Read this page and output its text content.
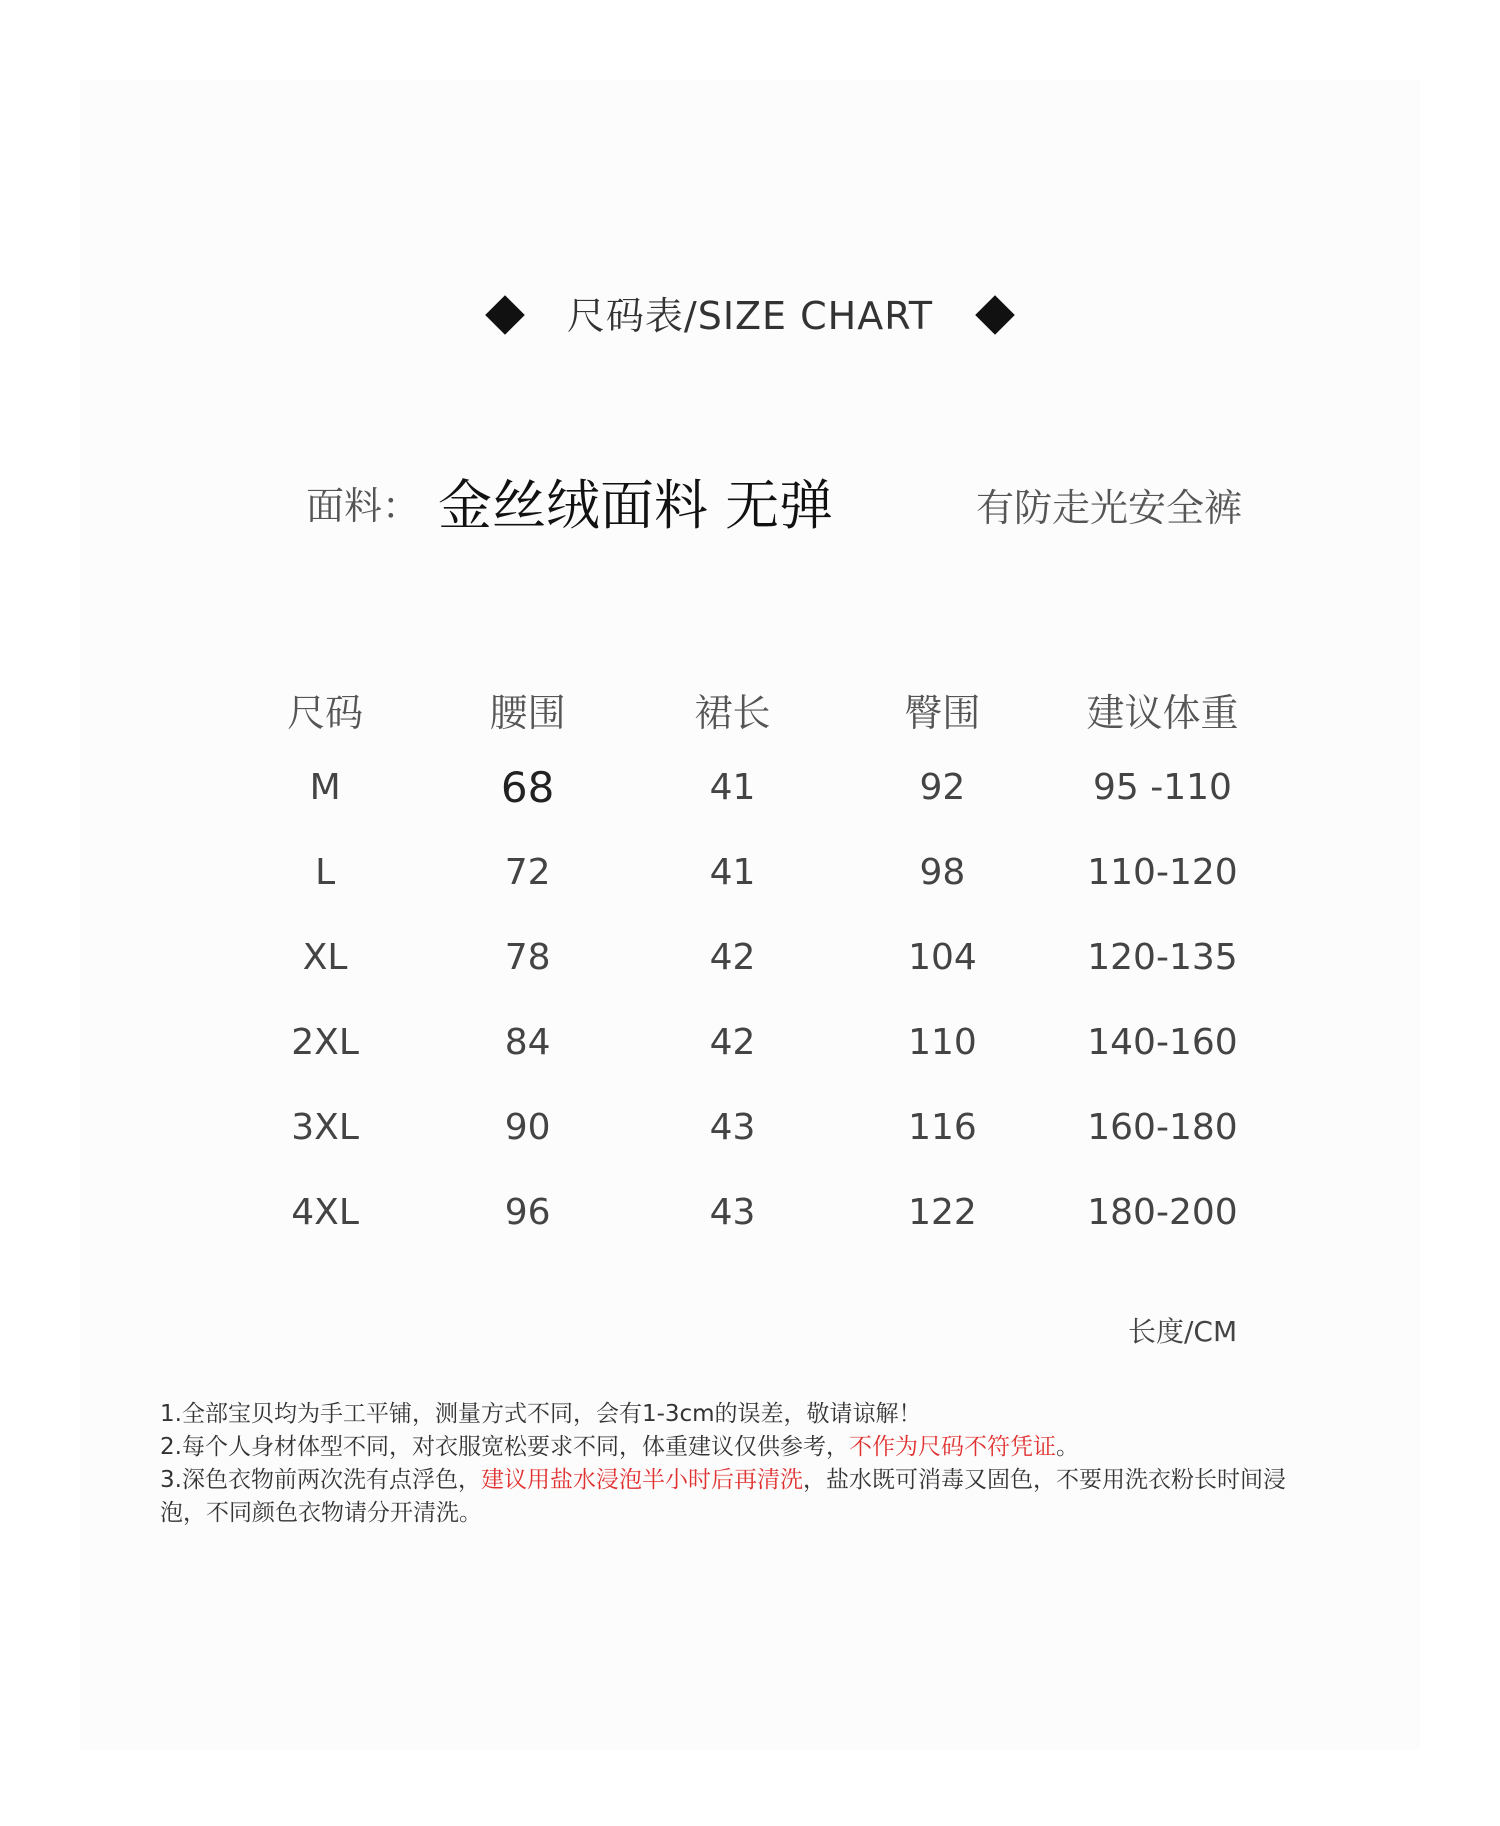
尺码表/SIZE CHART
面料： 金丝绒面料 无弹	有防走光安全裤
尺码	腰围	裙长	臀围	建议体重
M	68	41	92	95 -110
L	72	41	98	110-120
XL	78	42	104	120-135
2XL	84	42	110	140-160
3XL	90	43	116	160-180
4XL	96	43	122	180-200
长度/CM

1.全部宝贝均为手工平铺，测量方式不同，会有1-3cm的误差，敬请谅解！

2.每个人身材体型不同，对衣服宽松要求不同，体重建议仅供参考，不作为尺码不符凭证。

3.深色衣物前两次洗有点浮色，建议用盐水浸泡半小时后再清洗，盐水既可消毒又固色，不要用洗衣粉长时间浸泡，不同颜色衣物请分开清洗。
